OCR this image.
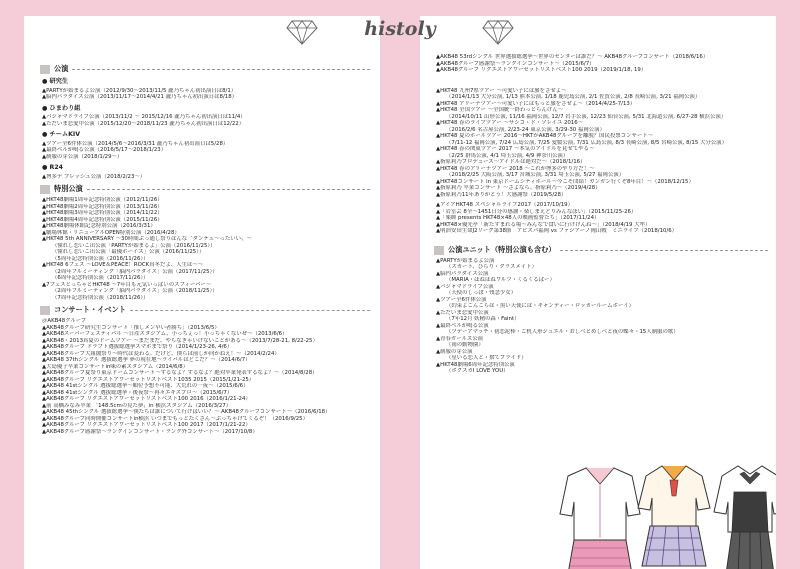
公演
● 研究生
▲PARTYが始まるよ公演（2012/9/30〜2013/11/5 瀧乃ちゃん初出演日は8/1）
▲脳内パラダイス公演（2013/11/17〜2014/4/21 瀧乃ちゃん初出演日は8/18）
● ひまわり組
▲パジャマドライブ公演（2013/11/2 〜 2015/12/16 瀧乃ちゃん初出演日は11/4）
▲ただいま恋愛中公演（2015/12/20〜2018/11/23 瀧乃ちゃん初出演日は12/22）
● チームKIV
▲ツアー全6件体公演（2014/5/6〜2016/3/31 瀧乃ちゃん初出演日は5/28）
▲最終ベルが鳴る公演（2016/5/17〜2018/1/23）
▲制服の芽公演（2018/1/29〜）
● R24
▲博多デ ブレッシュ公演（2018/2/23〜）
特別公演
▲HKT48劇場1周年記念特別公演（2012/11/26）
▲HKT48劇場2周年記念特別公演（2013/11/26）
▲HKT48劇場3周年記念特別公演（2014/11/22）
▲HKT48劇場4周年記念特別公演（2015/11/26）
▲HKT48劇場休館記念特別公演（2016/3/31）
▲劇場休館・リニューアルOPEN特別公演（2016/4/28）
▲HKT48 5th ANNIVERSARY 〜30時間ぶっ通し祭りはんな〝ダンテュ〜ったいい〟〜
（憧れし恋いこ出公演「PARTYが始まるよ」公演（2016/11/25））
（憧れし恋いこ出公演「最優ボーイズ」公演（2016/11/25））
（5周年記念特別公演（2016/11/26））
▲HKT48 6フェス 〜LOVE＆PEACE！ROCK真冬だよ、人生は〜〜
（2周年フルミーティング「脳内パラダイス」公演（2017/11/25））
（6周年記念特別公演（2017/11/26））
▲7フェスとっちゃとHKT48 〜7年目も元気いっぱいのスフィーバー〜
（2周年フルミーティング「脳内パラダイス」公演（2018/11/25））
（7周年記念特別公演（2018/11/26））
コンサート・イベント
＠AKB48グループ
▲AKB48グループ研究生コンサート「推しメン早い者勝ち」（2013/6/5）
▲AKB48スーパーフェスティバル 〜日産スタジアム、小っちぇっ！小っちゃくないぜ〜（2013/6/6）
▲AKB48・2013真夏のドームツアー 〜まだまだ、やらなきゃいけないことがある〜（2013/7/28-21, 8/22-25）
▲AKB48グループ ドラフト選抜総選挙スマホまで祭り（2014/1/23-26, 4/6）
▲AKB48グループ大組閣祭り〜時代は変わる。だけど、僕らは前しか向かねえ！〜（2014/2/24）
▲AKB48 37thシングル 選抜総選挙 夢の現在地〜ライバルはどこだ？〜（2014/6/7）
▲大島優子卒業コンサートin味の素スタジアム（2014/6/8）
▲AKB48グループ夏祭り東京ドームコンサート〜するなよ？するなよ？絶対卒業発表するなよ？〜（2014/8/28）
▲AKB48グループ リクエストアワーセットリストベスト1035 2015（2015/1/21-25）
▲AKB48 41stシングル 選抜総選挙〜順位予想不可能、大荒れの一夜〜（2015/6/6）
▲AKB48 41stシングル 選抜総選挙・後夜祭〜再々エキスプロ〜（2015/6/7）
▲AKB48グループ リクエストアワーセットリストベスト100 2016（2016/1/21-24）
▲前 高橋みなみ卒業 〝148.5cmの見た夢〟in 横浜スタジアム（2016/3/27）
▲AKB48 45thシングル 選抜総選挙〜僕たちは誰について行けばいい？〜 AKB48グループコンサート〜（2016/6/18）
▲AKB48グループ同時開催コンサートin横浜 いつまでもっとたくさん〜ぶっちゃけてくるぞ！（2016/9/25）
▲AKB48グループ リクエストアワーセットリストベスト100 2017（2017/1/21-22）
▲AKB48グループ感謝祭〜ランクインコンサート・ランク外コンサート〜（2017/10/8）
▲AKB48 53rdシングル 世界選抜総選挙〜世界のセンターは誰だ？〜 AKB48グループコンサート（2018/6/16）
▲AKB48グループ感謝祭〜ランクインコンサート〜（2015/6/7）
▲AKB48グループ リクエストアワーセットリストベスト100 2019（2019/1/18, 19）
▲HKT48 九州7県ツアー 〜可愛い子には旅をさせよ〜
（2014/1/13 大分公演, 1/13 熊本公演, 1/18 鹿児島公演, 2/1 佐賀公演, 2/8 長崎公演, 3/21 福岡公演）
▲HKT48 アリーナツアー〜可愛い子にはもっと旅をさせよ〜（2014/4/25-7/13）
▲HKT48 全国ツアー 〜全国統一終わっとらんけん〜
（2014/10/11 山形公演, 11/16 福岡公演, 12/7 岩手公演, 12/23 仙台公演, 5/31 北海道公演, 6/27-28 横浜公演）
▲HKT48 春のライブツアー 〜サシコ・ド・ソレイユ 2016〜
（2016/2/6 名古屋公演, 2/23-24 東京公演, 3/29-30 福岡公演）
▲HKT48 夏のホールツアー 2016〜HKTがAKB48グループを離脱？国民投票コンサート〜
（7/11-12 福岡公演, 7/24 広島公演, 7/25 愛媛公演, 7/31 広島公演, 8/3 長崎公演, 8/5 宮崎公演, 8/15 大分公演）
▲HKT48 春の関東ツアー 2017 〜本気のアイドルを見せてやる〜
（2/25 群馬公演, 4/1 埼玉公演, 4/9 神奈川公演）
▲指原莉乃プロデュース〜アイドルは絶対だ〜（2018/1/16）
▲HKT48 春のアリーナツアー 2018 〜これが博多のやり方だ！〜
（2018/2/25 大阪公演, 3/17 宮城公演, 3/31 埼玉公演, 5/27 福岡公演）
▲HKT48コンサート in 東京ドームシティホール〜今こそ団結！ガンガン行くぞ8年目！〜（2018/12/15）
▲指原莉乃 卒業コンサート 〜さよなら、指原莉乃〜（2019/4/28）
▲指原莉乃11年ありがとう！大感謝祭（2019/5/28）
▲アイアHKT48 スペシャルライブ2017（2017/10/19）
▲「岩室芸 8全〜1451日分の感謝・楽しまえどりみんなぼい」（2015/11/25-26）
▲「薬師 presents HKT48×48人の映画監督たち」（2017/11/24）
▲HKT48×優光亭「新たすまれる場〜みんなで食いに行けけんね〜」（2018/4/19 大牟）
▲明治安田生命J2リーグ第38節　アビスパ福岡 vs ファジアーノ岡山戦　ミニライブ（2018/10/6）
公演ユニット（特別公演も含む）
▲PARTYが始まるよ公演
（スカート、ひらり・クラスメイト）
▲脳内パラダイス公演
（MARIA・ほねほねワルツ・くるくるぱー）
▲パジャマドライブ公演
（天使のしっぽ・残念少女）
▲ツアー全6件体公演
（約束よごんごらは・黒い天使には・キャンディー・ロッカールームボーイ）
▲ただいま恋愛中公演
（7年12月 妖精の森・Faint）
▲最終ベルが鳴る公演
（ツデーアマッチ・初恋泥棒・ご机人形ジュエル・おしべとめしべと夜の蝶々・15人制服の歌）
▲青春ガールズ公演
（雨の動物園）
▲制服の芽公演
（星いる恋人と・捨てプライド）
▲HKT48劇場6周年記念特別公演
（ボクスカI LOVE YOU）
histoly
